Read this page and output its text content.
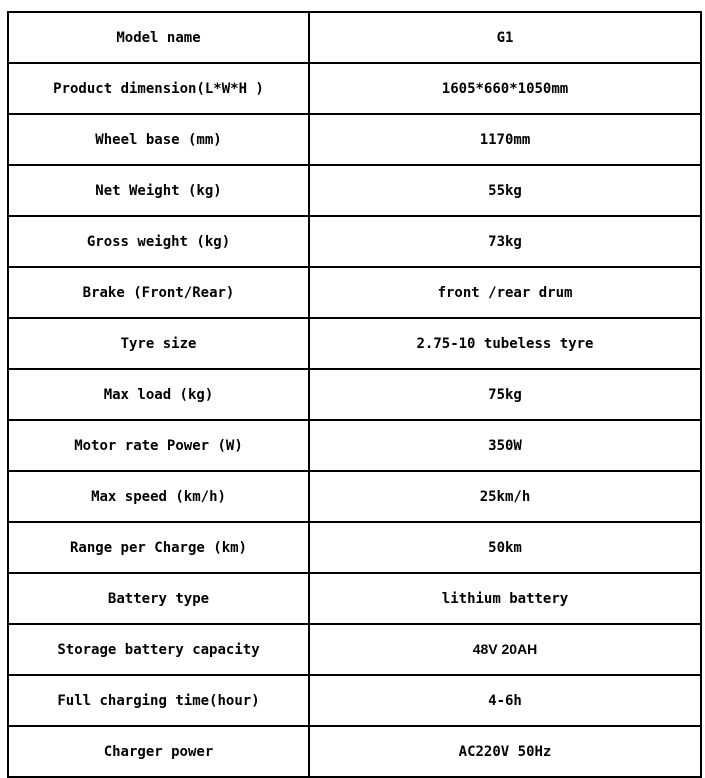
Model name	G1
Product dimension(L*W*H )	1605*660*1050mm
Wheel base (mm)	1170mm
Net Weight (kg)	55kg
Gross weight (kg)	73kg
Brake (Front/Rear)	front /rear drum
Tyre size	2.75-10 tubeless tyre
Max load (kg)	75kg
Motor rate Power (W)	350W
Max speed (km/h)	25km/h
Range per Charge (km)	50km
Battery type	lithium battery
Storage battery capacity	48V 20AH
Full charging time(hour)	4-6h
Charger power	AC220V 50Hz
